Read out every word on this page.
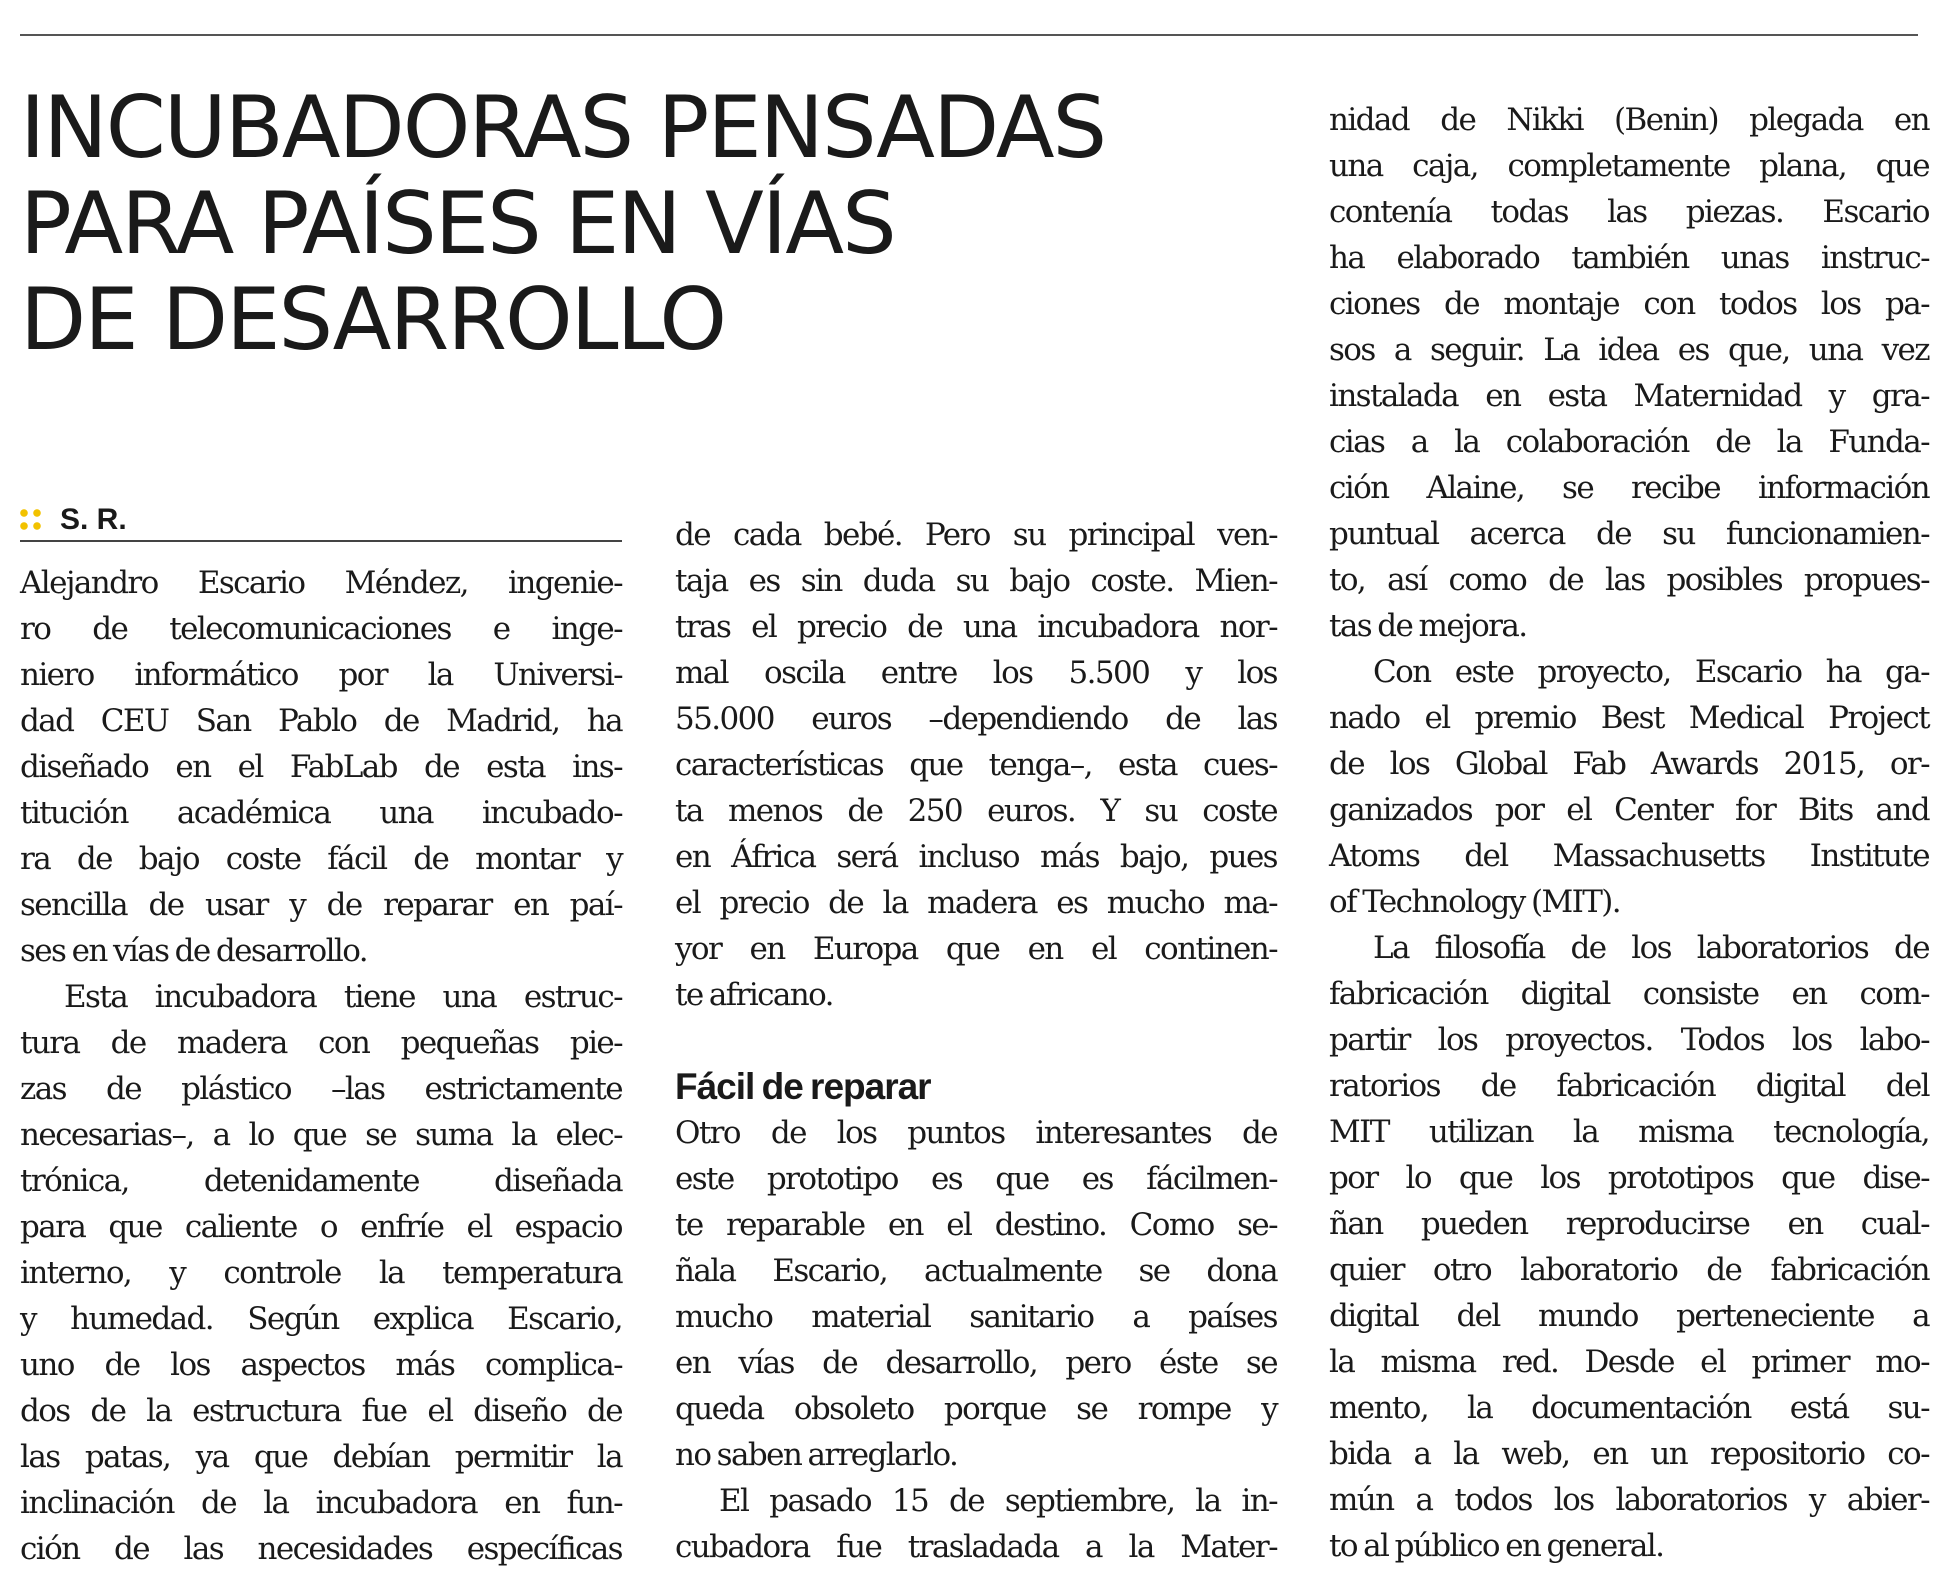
INCUBADORAS PENSADAS
PARA PAÍSES EN VÍAS
DE DESARROLLO
S. R.
Alejandro Escario Méndez, ingenie-
ro de telecomunicaciones e inge-
niero informático por la Universi-
dad CEU San Pablo de Madrid, ha
diseñado en el FabLab de esta ins-
titución académica una incubado-
ra de bajo coste fácil de montar y
sencilla de usar y de reparar en paí-
ses en vías de desarrollo.
Esta incubadora tiene una estruc-
tura de madera con pequeñas pie-
zas de plástico –las estrictamente
necesarias–, a lo que se suma la elec-
trónica, detenidamente diseñada
para que caliente o enfríe el espacio
interno, y controle la temperatura
y humedad. Según explica Escario,
uno de los aspectos más complica-
dos de la estructura fue el diseño de
las patas, ya que debían permitir la
inclinación de la incubadora en fun-
ción de las necesidades específicas
de cada bebé. Pero su principal ven-
taja es sin duda su bajo coste. Mien-
tras el precio de una incubadora nor-
mal oscila entre los 5.500 y los
55.000 euros –dependiendo de las
características que tenga–, esta cues-
ta menos de 250 euros. Y su coste
en África será incluso más bajo, pues
el precio de la madera es mucho ma-
yor en Europa que en el continen-
te africano.
Fácil de reparar
Otro de los puntos interesantes de
este prototipo es que es fácilmen-
te reparable en el destino. Como se-
ñala Escario, actualmente se dona
mucho material sanitario a países
en vías de desarrollo, pero éste se
queda obsoleto porque se rompe y
no saben arreglarlo.
El pasado 15 de septiembre, la in-
cubadora fue trasladada a la Mater-
nidad de Nikki (Benin) plegada en
una caja, completamente plana, que
contenía todas las piezas. Escario
ha elaborado también unas instruc-
ciones de montaje con todos los pa-
sos a seguir. La idea es que, una vez
instalada en esta Maternidad y gra-
cias a la colaboración de la Funda-
ción Alaine, se recibe información
puntual acerca de su funcionamien-
to, así como de las posibles propues-
tas de mejora.
Con este proyecto, Escario ha ga-
nado el premio Best Medical Project
de los Global Fab Awards 2015, or-
ganizados por el Center for Bits and
Atoms del Massachusetts Institute
of Technology (MIT).
La filosofía de los laboratorios de
fabricación digital consiste en com-
partir los proyectos. Todos los labo-
ratorios de fabricación digital del
MIT utilizan la misma tecnología,
por lo que los prototipos que dise-
ñan pueden reproducirse en cual-
quier otro laboratorio de fabricación
digital del mundo perteneciente a
la misma red. Desde el primer mo-
mento, la documentación está su-
bida a la web, en un repositorio co-
mún a todos los laboratorios y abier-
to al público en general.
